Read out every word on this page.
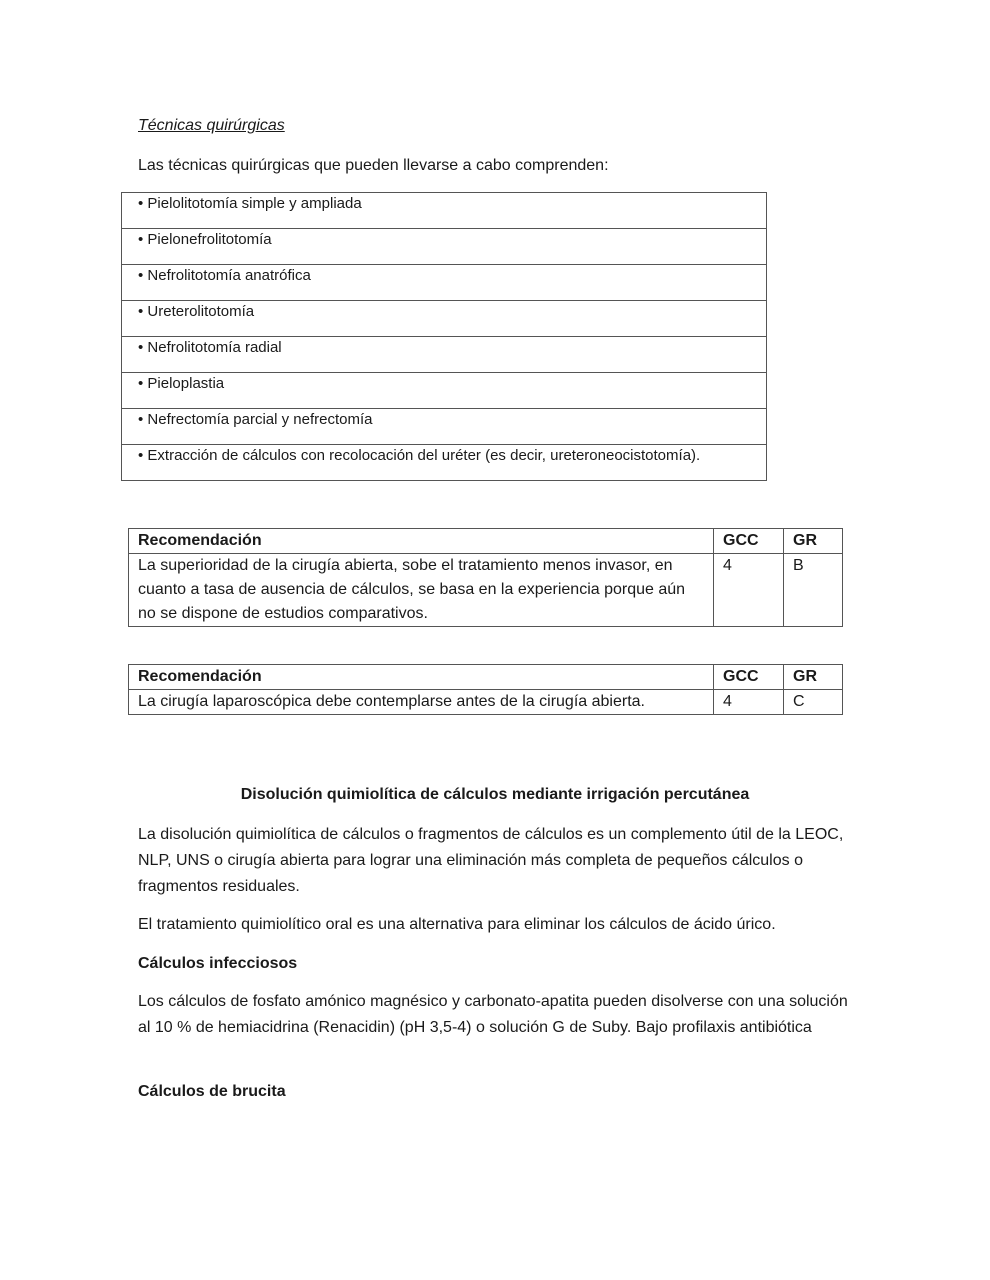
Técnicas quirúrgicas
Las técnicas quirúrgicas que pueden llevarse a cabo comprenden:
• Pielolitotomía simple y ampliada
• Pielonefrolitotomía
• Nefrolitotomía anatrófica
• Ureterolitotomía
• Nefrolitotomía radial
• Pieloplastia
• Nefrectomía parcial y nefrectomía
• Extracción de cálculos con recolocación del uréter (es decir, ureteroneocistotomía).
Recomendación	GCC	GR
La superioridad de la cirugía abierta, sobe el tratamiento menos invasor, en cuanto a tasa de ausencia de cálculos, se basa en la experiencia porque aún no se dispone de estudios comparativos.	4	B
Recomendación	GCC	GR
La cirugía laparoscópica debe contemplarse antes de la cirugía abierta.	4	C
Disolución quimiolítica de cálculos mediante irrigación percutánea
La disolución quimiolítica de cálculos o fragmentos de cálculos es un complemento útil de la LEOC, NLP, UNS o cirugía abierta para lograr una eliminación más completa de pequeños cálculos o fragmentos residuales.
El tratamiento quimiolítico oral es una alternativa para eliminar los cálculos de ácido úrico.
Cálculos infecciosos
Los cálculos de fosfato amónico magnésico y carbonato-apatita pueden disolverse con una solución al 10 % de hemiacidrina (Renacidin) (pH 3,5-4) o solución G de Suby. Bajo profilaxis antibiótica
Cálculos de brucita
